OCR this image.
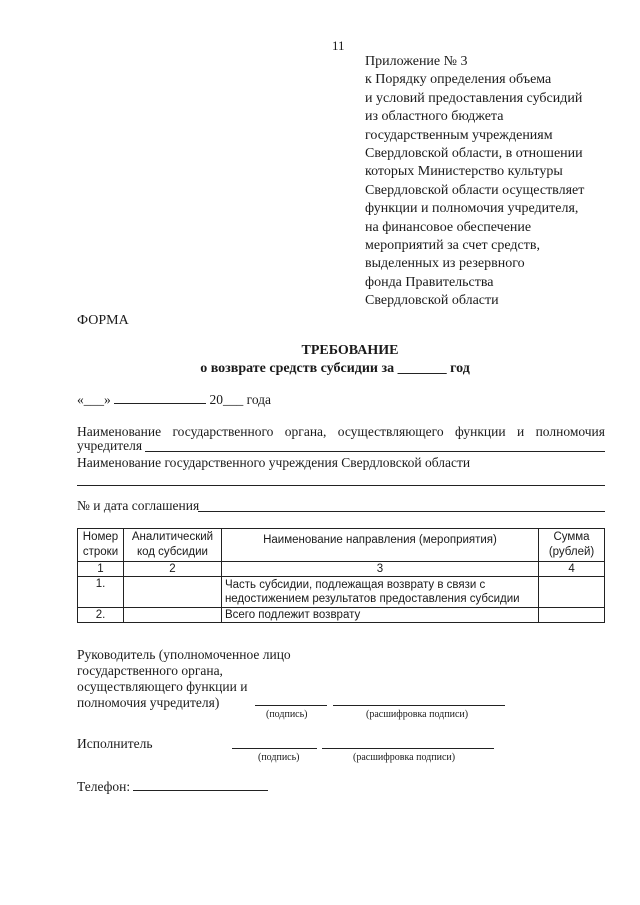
11
Приложение № 3
к Порядку определения объема
и условий предоставления субсидий
из областного бюджета
государственным учреждениям
Свердловской области, в отношении
которых Министерство культуры
Свердловской области осуществляет
функции и полномочия учредителя,
на финансовое обеспечение
мероприятий за счет средств,
выделенных из резервного
фонда Правительства
Свердловской области
ФОРМА
ТРЕБОВАНИЕ
о возврате средств субсидии за _______ год
«___»	20___ года
Наименование государственного органа, осуществляющего функции и полномочия
учредителя
Наименование государственного учреждения Свердловской области
№ и дата соглашения
Номер строки	Аналитический код субсидии	Наименование направления (мероприятия)	Сумма (рублей)
1	2	3	4
1.		Часть субсидии, подлежащая возврату в связи с недостижением результатов предоставления субсидии	
2.		Всего подлежит возврату	
Руководитель (уполномоченное лицо
государственного органа,
осуществляющего функции и
полномочия учредителя)
(подпись)	(расшифровка подписи)
Исполнитель
(подпись)	(расшифровка подписи)
Телефон:
